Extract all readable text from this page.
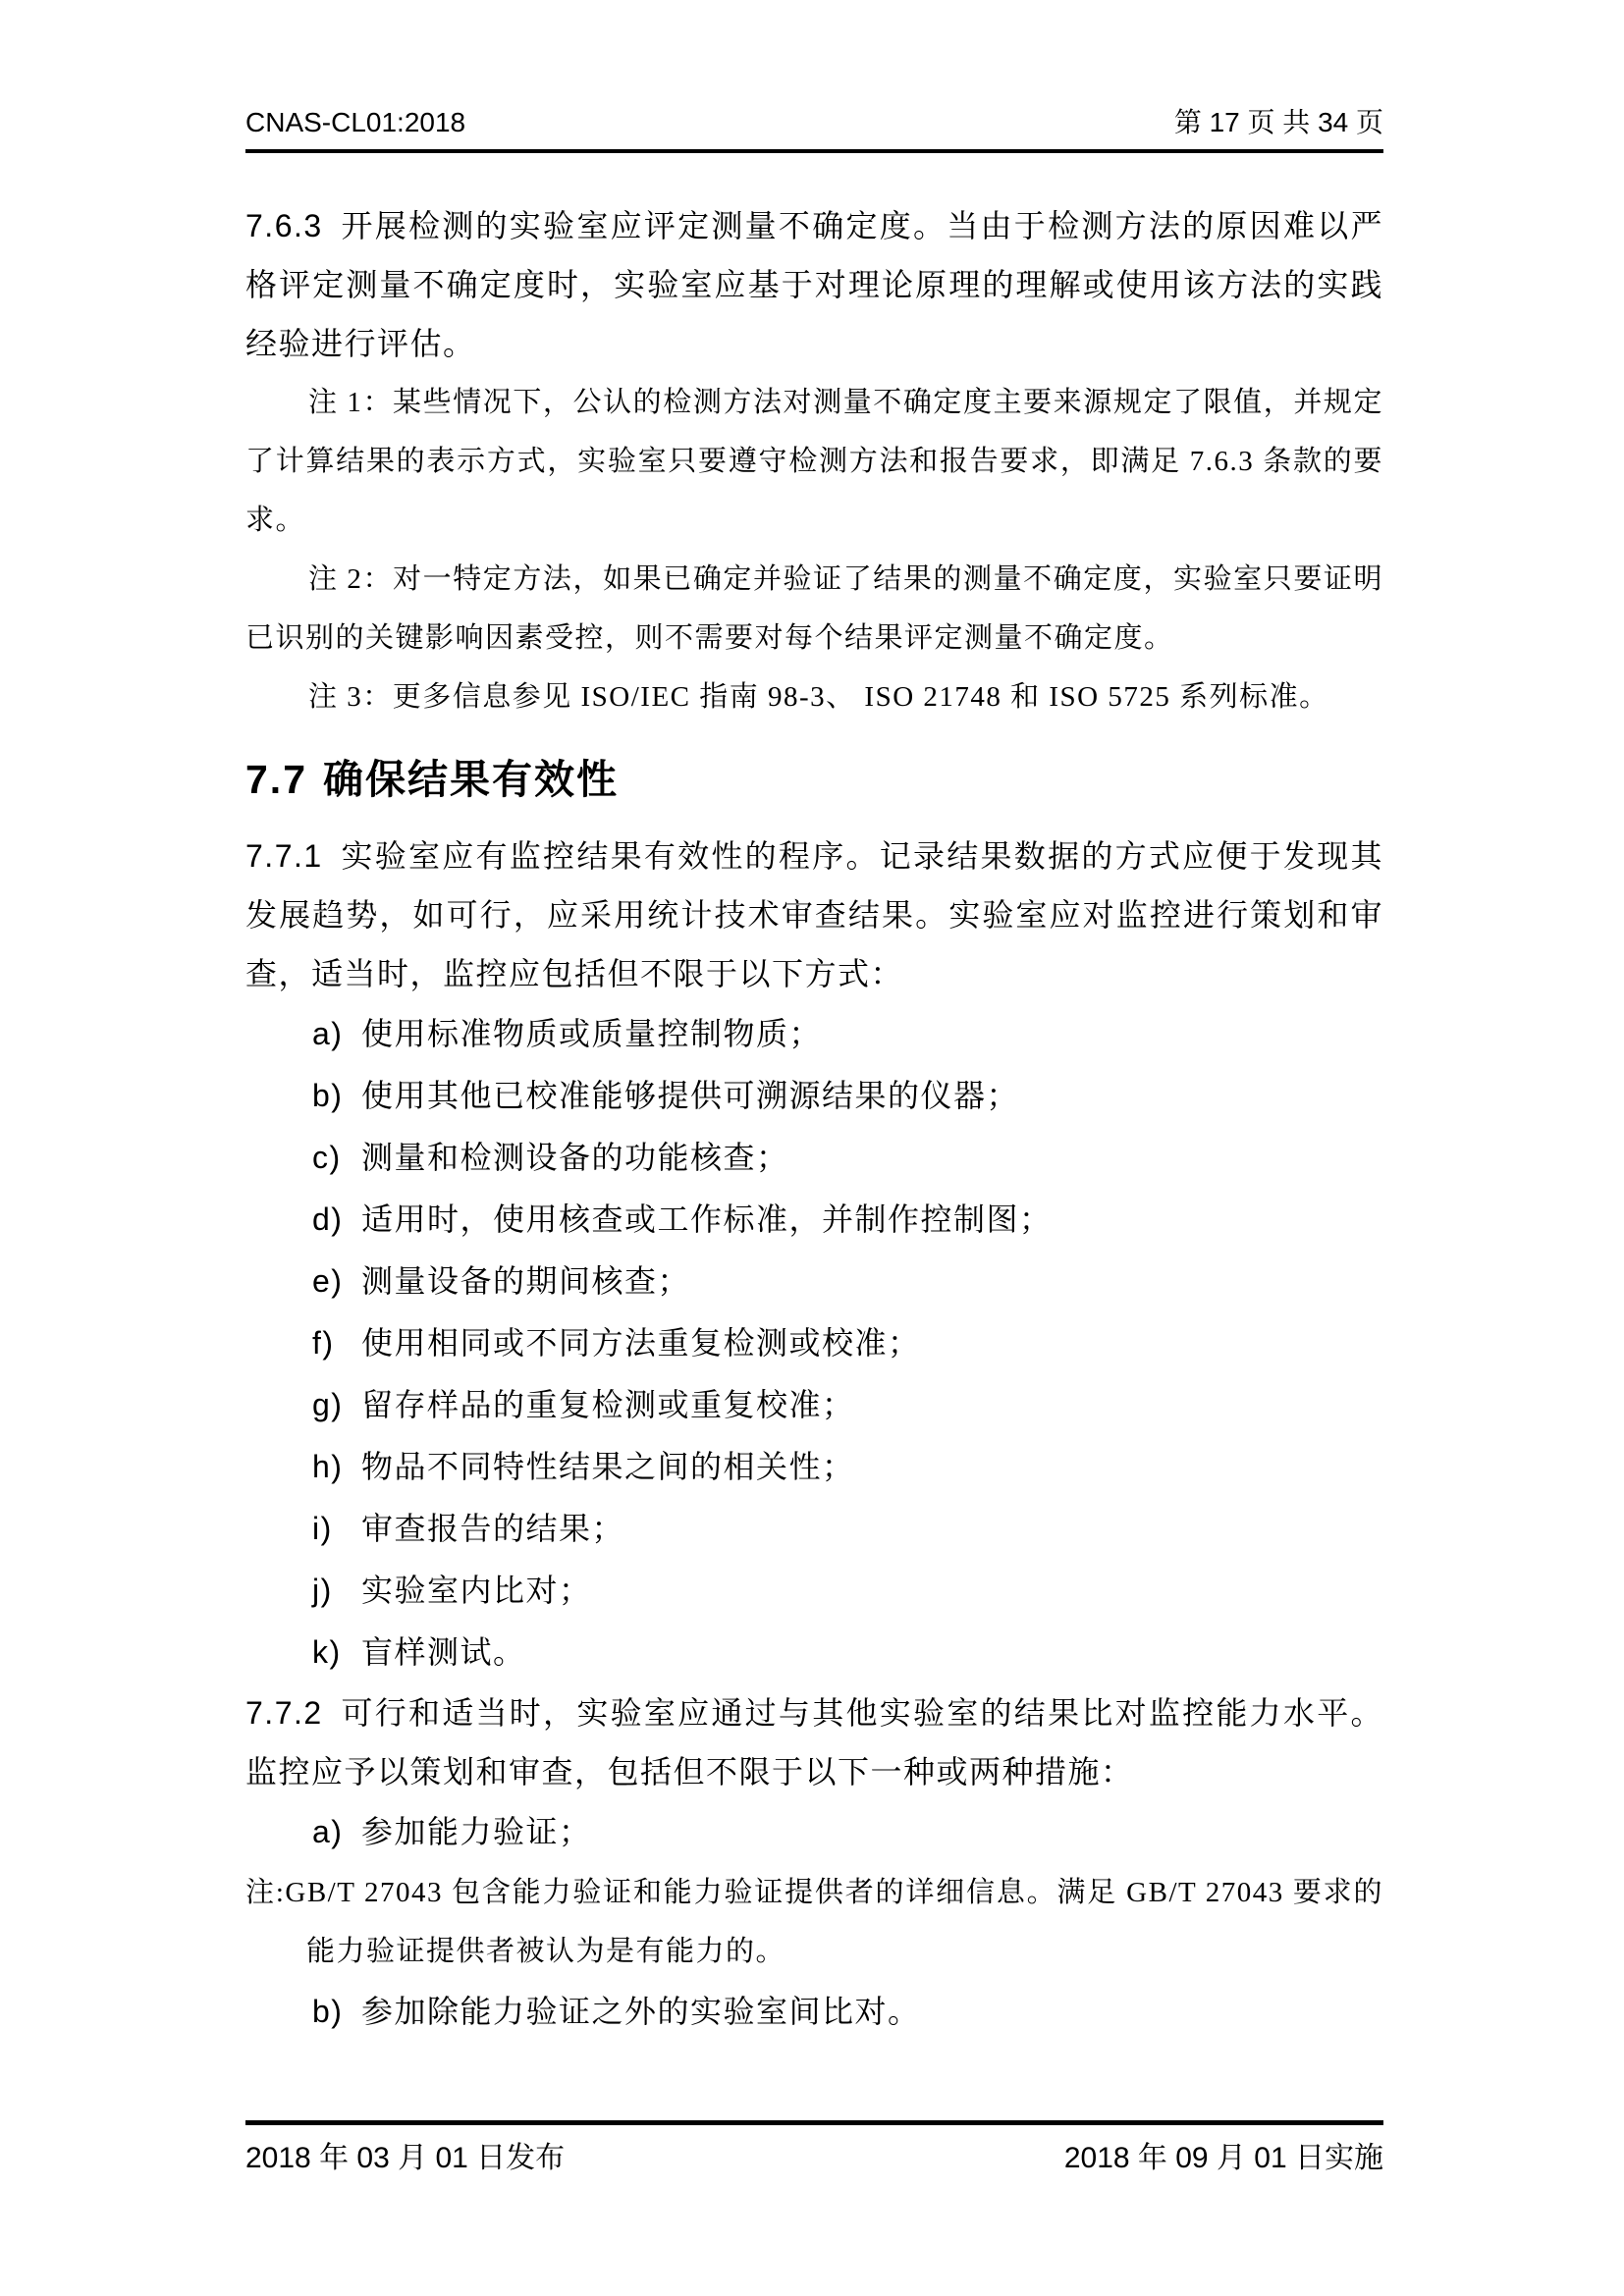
CNAS-CL01:2018	第 17 页 共 34 页

7.6.3 开展检测的实验室应评定测量不确定度。当由于检测方法的原因难以严格评定测量不确定度时，实验室应基于对理论原理的理解或使用该方法的实践经验进行评估。

注 1：某些情况下，公认的检测方法对测量不确定度主要来源规定了限值，并规定了计算结果的表示方式，实验室只要遵守检测方法和报告要求，即满足 7.6.3 条款的要求。

注 2：对一特定方法，如果已确定并验证了结果的测量不确定度，实验室只要证明已识别的关键影响因素受控，则不需要对每个结果评定测量不确定度。

注 3：更多信息参见 ISO/IEC 指南 98-3、 ISO 21748 和 ISO 5725 系列标准。

7.7 确保结果有效性

7.7.1 实验室应有监控结果有效性的程序。记录结果数据的方式应便于发现其发展趋势，如可行，应采用统计技术审查结果。实验室应对监控进行策划和审查，适当时，监控应包括但不限于以下方式：

a) 使用标准物质或质量控制物质；
b) 使用其他已校准能够提供可溯源结果的仪器；
c) 测量和检测设备的功能核查；
d) 适用时，使用核查或工作标准，并制作控制图；
e) 测量设备的期间核查；
f) 使用相同或不同方法重复检测或校准；
g) 留存样品的重复检测或重复校准；
h) 物品不同特性结果之间的相关性；
i) 审查报告的结果；
j) 实验室内比对；
k) 盲样测试。

7.7.2 可行和适当时，实验室应通过与其他实验室的结果比对监控能力水平。监控应予以策划和审查，包括但不限于以下一种或两种措施：

a) 参加能力验证；

注:GB/T 27043 包含能力验证和能力验证提供者的详细信息。满足 GB/T 27043 要求的能力验证提供者被认为是有能力的。

b) 参加除能力验证之外的实验室间比对。
2018 年 03 月 01 日发布	2018 年 09 月 01 日实施
